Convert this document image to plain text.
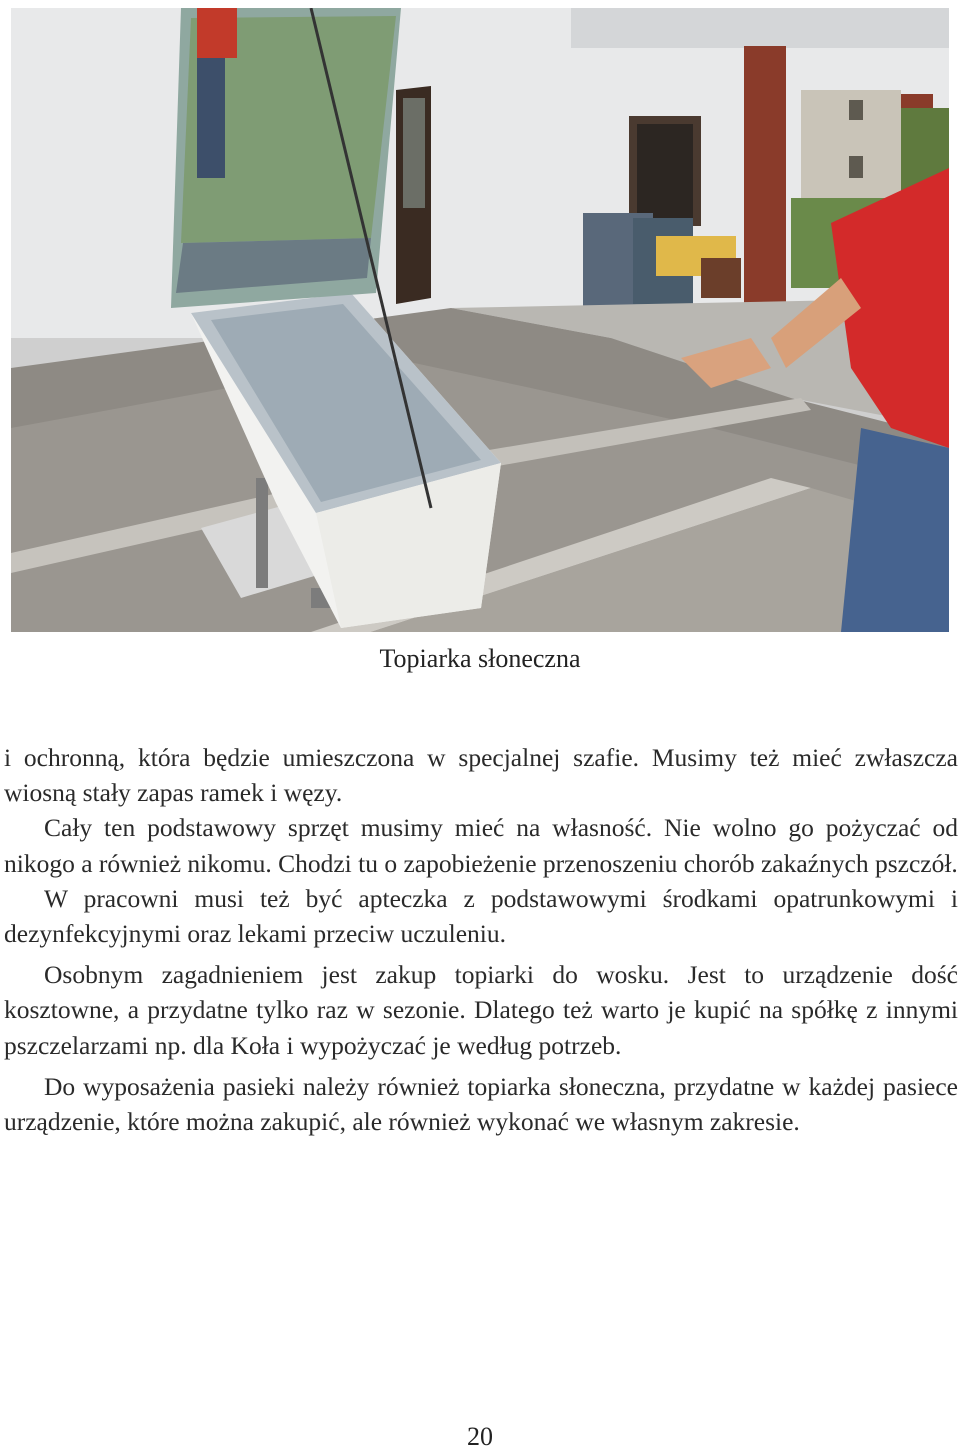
Topiarka słoneczna

i ochronną, która będzie umieszczona w specjalnej szafie. Musimy też mieć zwłaszcza wiosną stały zapas ramek i węzy.

Cały ten podstawowy sprzęt musimy mieć na własność. Nie wolno go pożyczać od nikogo a również nikomu. Chodzi tu o zapobieżenie przenoszeniu chorób zakaźnych pszczół.

W pracowni musi też być apteczka z podstawowymi środkami opatrunkowymi i dezynfekcyjnymi oraz lekami przeciw uczuleniu.

Osobnym zagadnieniem jest zakup topiarki do wosku. Jest to urządzenie dość kosztowne, a przydatne tylko raz w sezonie. Dlatego też warto je kupić na spółkę z innymi pszczelarzami np. dla Koła i wypożyczać je według potrzeb.

Do wyposażenia pasieki należy również topiarka słoneczna, przydatne w każdej pasiece urządzenie, które można zakupić, ale również wykonać we własnym zakresie.

20
